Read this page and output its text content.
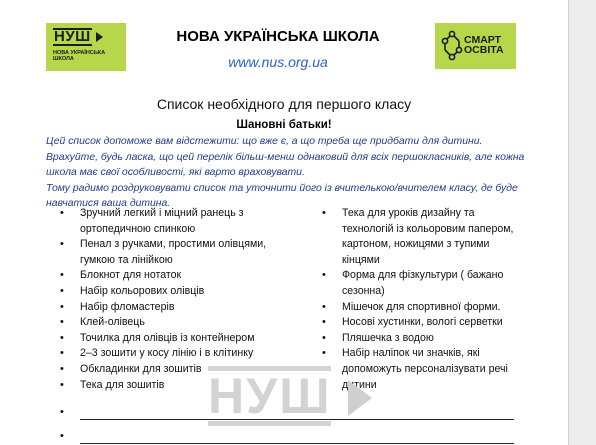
НУШ
НОВА УКРАЇНСЬКА ШКОЛА
НОВА УКРАЇНСЬКА ШКОЛА
www.nus.org.ua
СМАРТ
ОСВІТА
Список необхідного для першого класу
Шановні батьки!

Цей список допоможе вам відстежити: що вже є, а що треба ще придбати для дитини.

Врахуйте, будь ласка, що цей перелік більш-менш однаковий для всіх першокласників, але кожна школа має свої особливості, які варто враховувати.

Тому радимо роздруковувати список та уточнити його із вчителькою/вчителем класу, де буде навчатися ваша дитина.

• Зручний легкий і міцний ранець з ортопедичною спинкою
• Пенал з ручками, простими олівцями, гумкою та лінійкою
• Блокнот для нотаток
• Набір кольорових олівців
• Набір фломастерів
• Клей-олівець
• Точилка для олівців із контейнером
• 2–3 зошити у косу лінію і в клітинку
• Обкладинки для зошитів
• Тека для зошитів
• Тека для уроків дизайну та технологій із кольоровим папером, картоном, ножицями з тупими кінцями
• Форма для фізкультури ( бажано сезонна)
• Мішечок для спортивної форми.
• Носові хустинки, вологі серветки
• Пляшечка з водою
• Набір наліпок чи значків, які допоможуть персоналізувати речі дитини
НУШ
•
•
